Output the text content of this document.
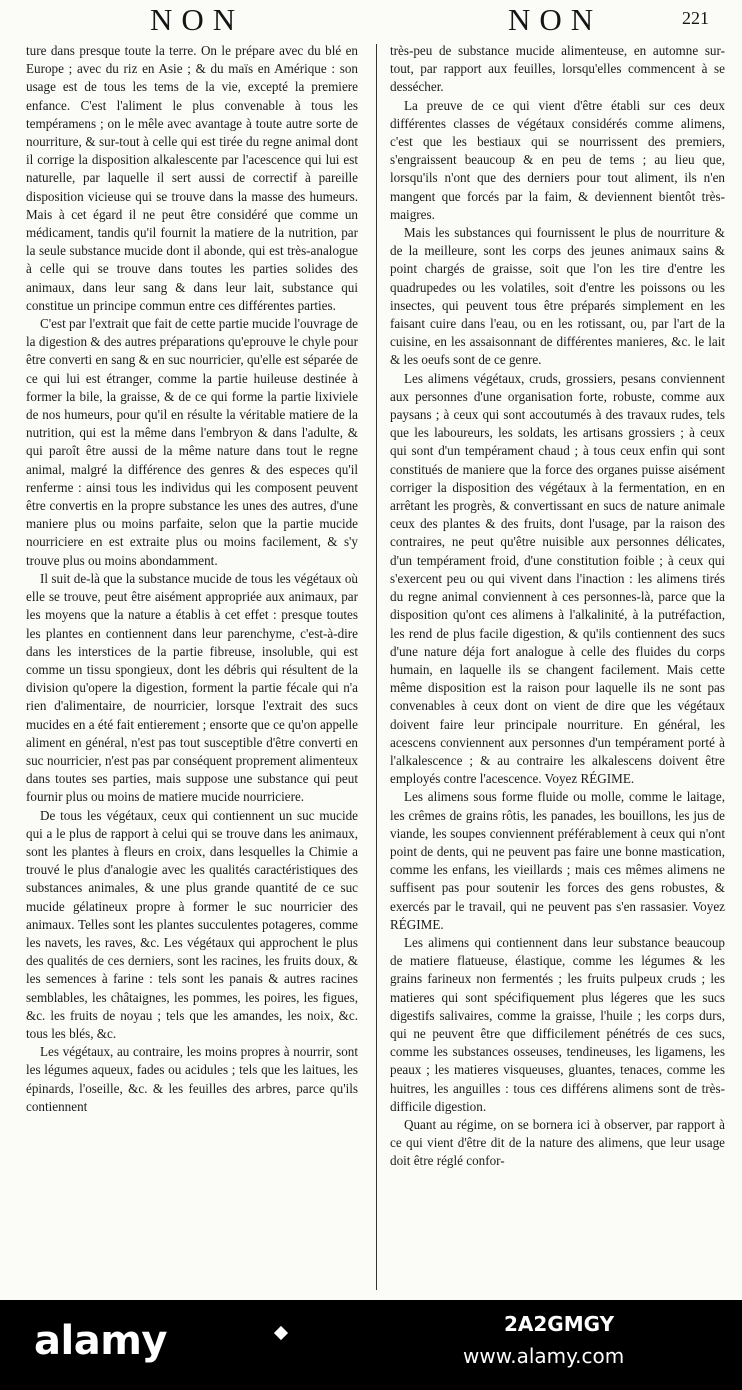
NON	NON	221

ture dans presque toute la terre. On le prépare avec du blé en Europe ; avec du riz en Asie ; & du maïs en Amérique : son usage est de tous les tems de la vie, excepté la premiere enfance. C'est l'aliment le plus convenable à tous les tempéramens ; on le mêle avec avantage à toute autre sorte de nourriture, & sur-tout à celle qui est tirée du regne animal dont il corrige la disposition alkalescente par l'acescence qui lui est naturelle, par laquelle il sert aussi de correctif à pareille disposition vicieuse qui se trouve dans la masse des humeurs. Mais à cet égard il ne peut être considéré que comme un médicament, tandis qu'il fournit la matiere de la nutrition, par la seule substance mucide dont il abonde, qui est très-analogue à celle qui se trouve dans toutes les parties solides des animaux, dans leur sang & dans leur lait, substance qui constitue un principe commun entre ces différentes parties.

C'est par l'extrait que fait de cette partie mucide l'ouvrage de la digestion & des autres préparations qu'eprouve le chyle pour être converti en sang & en suc nourricier, qu'elle est séparée de ce qui lui est étranger, comme la partie huileuse destinée à former la bile, la graisse, & de ce qui forme la partie lixiviele de nos humeurs, pour qu'il en résulte la véritable matiere de la nutrition, qui est la même dans l'embryon & dans l'adulte, & qui paroît être aussi de la même nature dans tout le regne animal, malgré la différence des genres & des especes qu'il renferme : ainsi tous les individus qui les composent peuvent être convertis en la propre substance les unes des autres, d'une maniere plus ou moins parfaite, selon que la partie mucide nourriciere en est extraite plus ou moins facilement, & s'y trouve plus ou moins abondamment.

Il suit de-là que la substance mucide de tous les végétaux où elle se trouve, peut être aisément appropriée aux animaux, par les moyens que la nature a établis à cet effet : presque toutes les plantes en contiennent dans leur parenchyme, c'est-à-dire dans les interstices de la partie fibreuse, insoluble, qui est comme un tissu spongieux, dont les débris qui résultent de la division qu'opere la digestion, forment la partie fécale qui n'a rien d'alimentaire, de nourricier, lorsque l'extrait des sucs mucides en a été fait entierement ; ensorte que ce qu'on appelle aliment en général, n'est pas tout susceptible d'être converti en suc nourricier, n'est pas par conséquent proprement alimenteux dans toutes ses parties, mais suppose une substance qui peut fournir plus ou moins de matiere mucide nourriciere.

De tous les végétaux, ceux qui contiennent un suc mucide qui a le plus de rapport à celui qui se trouve dans les animaux, sont les plantes à fleurs en croix, dans lesquelles la Chimie a trouvé le plus d'analogie avec les qualités caractéristiques des substances animales, & une plus grande quantité de ce suc mucide gélatineux propre à former le suc nourricier des animaux. Telles sont les plantes succulentes potageres, comme les navets, les raves, &c. Les végétaux qui approchent le plus des qualités de ces derniers, sont les racines, les fruits doux, & les semences à farine : tels sont les panais & autres racines semblables, les châtaignes, les pommes, les poires, les figues, &c. les fruits de noyau ; tels que les amandes, les noix, &c. tous les blés, &c.

Les végétaux, au contraire, les moins propres à nourrir, sont les légumes aqueux, fades ou acidules ; tels que les laitues, les épinards, l'oseille, &c. & les feuilles des arbres, parce qu'ils contiennent

très-peu de substance mucide alimenteuse, en automne sur-tout, par rapport aux feuilles, lorsqu'elles commencent à se dessécher.

La preuve de ce qui vient d'être établi sur ces deux différentes classes de végétaux considérés comme alimens, c'est que les bestiaux qui se nourrissent des premiers, s'engraissent beaucoup & en peu de tems ; au lieu que, lorsqu'ils n'ont que des derniers pour tout aliment, ils n'en mangent que forcés par la faim, & deviennent bientôt très-maigres.

Mais les substances qui fournissent le plus de nourriture & de la meilleure, sont les corps des jeunes animaux sains & point chargés de graisse, soit que l'on les tire d'entre les quadrupedes ou les volatiles, soit d'entre les poissons ou les insectes, qui peuvent tous être préparés simplement en les faisant cuire dans l'eau, ou en les rotissant, ou, par l'art de la cuisine, en les assaisonnant de différentes manieres, &c. le lait & les oeufs sont de ce genre.

Les alimens végétaux, cruds, grossiers, pesans conviennent aux personnes d'une organisation forte, robuste, comme aux paysans ; à ceux qui sont accoutumés à des travaux rudes, tels que les laboureurs, les soldats, les artisans grossiers ; à ceux qui sont d'un tempérament chaud ; à tous ceux enfin qui sont constitués de maniere que la force des organes puisse aisément corriger la disposition des végétaux à la fermentation, en en arrêtant les progrès, & convertissant en sucs de nature animale ceux des plantes & des fruits, dont l'usage, par la raison des contraires, ne peut qu'être nuisible aux personnes délicates, d'un tempérament froid, d'une constitution foible ; à ceux qui s'exercent peu ou qui vivent dans l'inaction : les alimens tirés du regne animal conviennent à ces personnes-là, parce que la disposition qu'ont ces alimens à l'alkalinité, à la putréfaction, les rend de plus facile digestion, & qu'ils contiennent des sucs d'une nature déja fort analogue à celle des fluides du corps humain, en laquelle ils se changent facilement. Mais cette même disposition est la raison pour laquelle ils ne sont pas convenables à ceux dont on vient de dire que les végétaux doivent faire leur principale nourriture. En général, les acescens conviennent aux personnes d'un tempérament porté à l'alkalescence ; & au contraire les alkalescens doivent être employés contre l'acescence. Voyez RÉGIME.

Les alimens sous forme fluide ou molle, comme le laitage, les crêmes de grains rôtis, les panades, les bouillons, les jus de viande, les soupes conviennent préférablement à ceux qui n'ont point de dents, qui ne peuvent pas faire une bonne mastication, comme les enfans, les vieillards ; mais ces mêmes alimens ne suffisent pas pour soutenir les forces des gens robustes, & exercés par le travail, qui ne peuvent pas s'en rassasier. Voyez RÉGIME.

Les alimens qui contiennent dans leur substance beaucoup de matiere flatueuse, élastique, comme les légumes & les grains farineux non fermentés ; les fruits pulpeux cruds ; les matieres qui sont spécifiquement plus légeres que les sucs digestifs salivaires, comme la graisse, l'huile ; les corps durs, qui ne peuvent être que difficilement pénétrés de ces sucs, comme les substances osseuses, tendineuses, les ligamens, les peaux ; les matieres visqueuses, gluantes, tenaces, comme les huitres, les anguilles : tous ces différens alimens sont de très-difficile digestion.

Quant au régime, on se bornera ici à observer, par rapport à ce qui vient d'être dit de la nature des alimens, que leur usage doit être réglé confor-

alamy	2A2GMGY
www.alamy.com
